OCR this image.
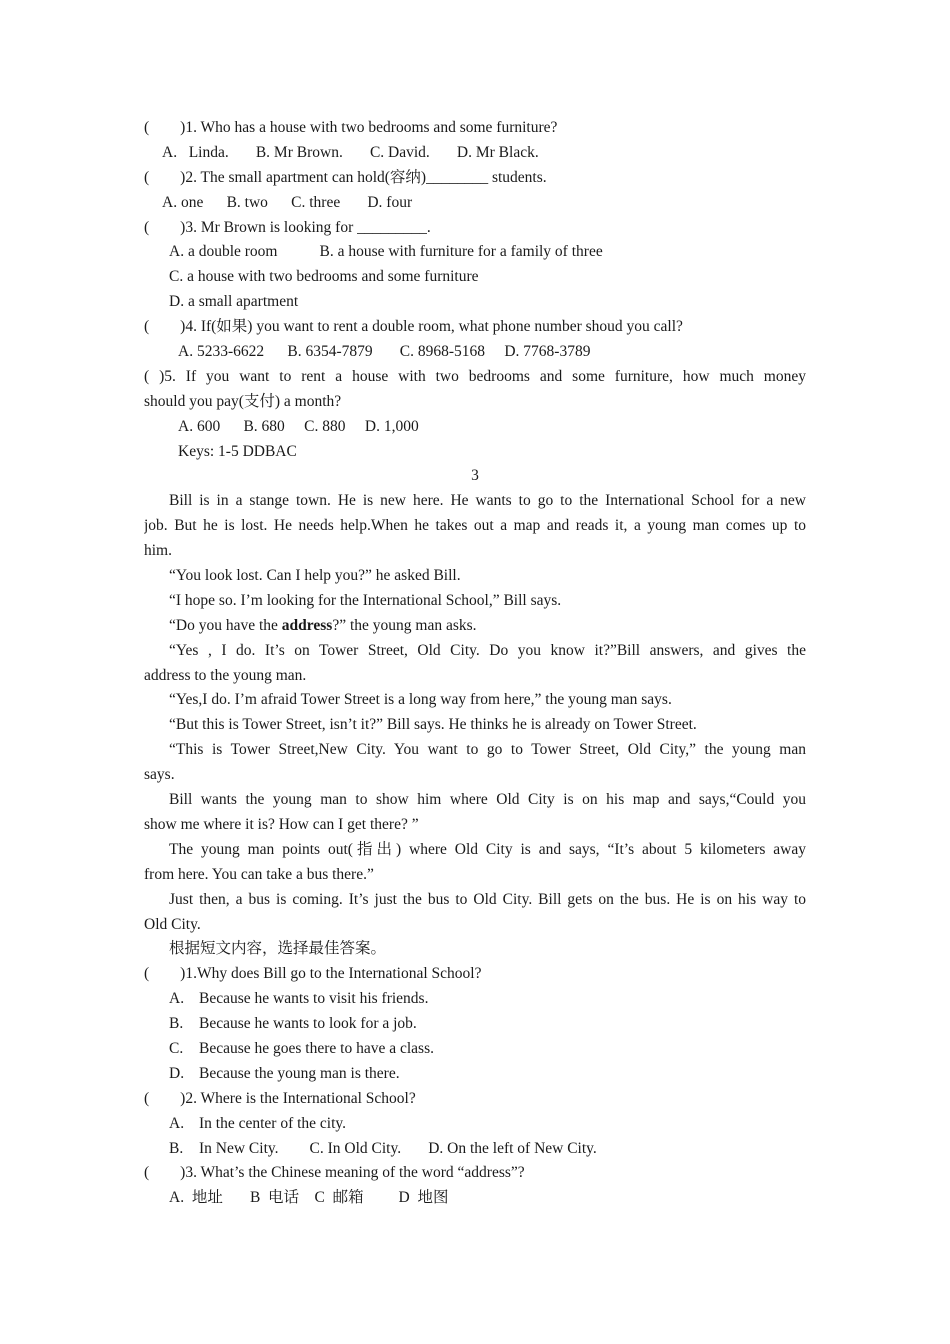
(        )1. Who has a house with two bedrooms and some furniture?
A.   Linda.       B. Mr Brown.       C. David.       D. Mr Black.
(        )2. The small apartment can hold(容纳)________ students.
A. one      B. two      C. three       D. four
(        )3. Mr Brown is looking for _________.
A. a double room	B. a house with furniture for a family of three
C. a house with two bedrooms and some furniture
D. a small apartment
(        )4. If(如果) you want to rent a double room, what phone number shoud you call?
A. 5233-6622      B. 6354-7879       C. 8968-5168     D. 7768-3789
( )5. If you want to rent a house with two bedrooms and some furniture, how much money
should you pay(支付) a month?
A. 600      B. 680     C. 880     D. 1,000
Keys: 1-5 DDBAC
3
Bill is in a stange town. He is new here. He wants to go to the International School for a new
job. But he is lost. He needs help.When he takes out a map and reads it, a young man comes up to
him.
“You look lost. Can I help you?” he asked Bill.
“I hope so. I’m looking for the International School,” Bill says.
“Do you have the address?” the young man asks.
“Yes , I do. It’s on Tower Street, Old City. Do you know it?”Bill answers, and gives the
address to the young man.
“Yes,I do. I’m afraid Tower Street is a long way from here,” the young man says.
“But this is Tower Street, isn’t it?” Bill says. He thinks he is already on Tower Street.
“This is Tower Street,New City. You want to go to Tower Street, Old City,” the young man
says.
Bill wants the young man to show him where Old City is on his map and says,“Could you
show me where it is? How can I get there? ”
The young man points out(指出) where Old City is and says, “It’s about 5 kilometers away
from here. You can take a bus there.”
Just then, a bus is coming. It’s just the bus to Old City. Bill gets on the bus. He is on his way to
Old City.
根据短文内容，选择最佳答案。
(        )1.Why does Bill go to the International School?
A. Because he wants to visit his friends.
B. Because he wants to look for a job.
C. Because he goes there to have a class.
D. Because the young man is there.
(        )2. Where is the International School?
A. In the center of the city.
B. In New City.        C. In Old City.       D. On the left of New City.
(        )3. What’s the Chinese meaning of the word “address”?
A.  地址       B  电话    C  邮箱         D  地图
